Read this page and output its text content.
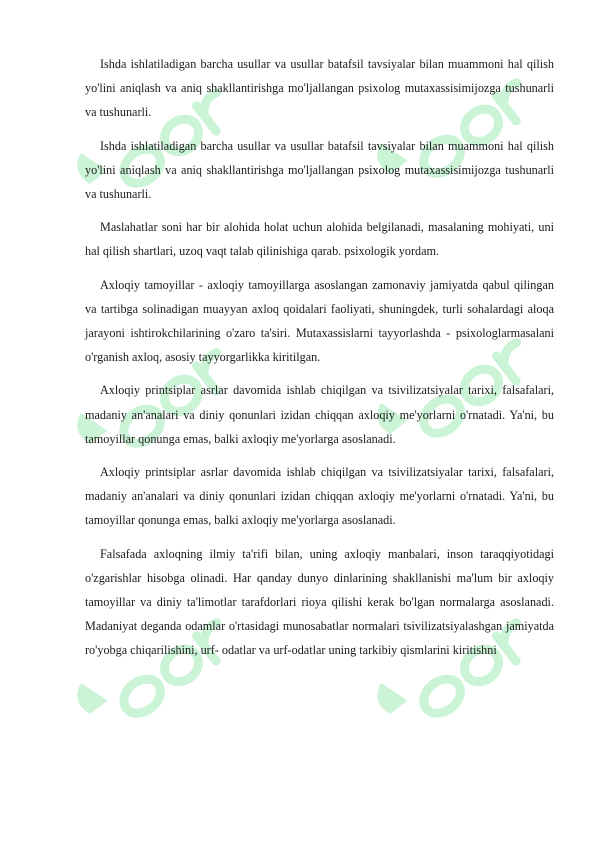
Ishda ishlatiladigan barcha usullar va usullar batafsil tavsiyalar bilan muammoni hal qilish yo'lini aniqlash va aniq shakllantirishga mo'ljallangan psixolog mutaxassisimijozga tushunarli va tushunarli.

Ishda ishlatiladigan barcha usullar va usullar batafsil tavsiyalar bilan muammoni hal qilish yo'lini aniqlash va aniq shakllantirishga mo'ljallangan psixolog mutaxassisimijozga tushunarli va tushunarli.

Maslahatlar soni har bir alohida holat uchun alohida belgilanadi, masalaning mohiyati, uni hal qilish shartlari, uzoq vaqt talab qilinishiga qarab. psixologik yordam.

Axloqiy tamoyillar - axloqiy tamoyillarga asoslangan zamonaviy jamiyatda qabul qilingan va tartibga solinadigan muayyan axloq qoidalari faoliyati, shuningdek, turli sohalardagi aloqa jarayoni ishtirokchilarining o'zaro ta'siri. Mutaxassislarni tayyorlashda - psixologlarmasalani o'rganish axloq, asosiy tayyorgarlikka kiritilgan.

Axloqiy printsiplar asrlar davomida ishlab chiqilgan va tsivilizatsiyalar tarixi, falsafalari, madaniy an'analari va diniy qonunlari izidan chiqqan axloqiy me'yorlarni o'rnatadi. Ya'ni, bu tamoyillar qonunga emas, balki axloqiy me'yorlarga asoslanadi.

Axloqiy printsiplar asrlar davomida ishlab chiqilgan va tsivilizatsiyalar tarixi, falsafalari, madaniy an'analari va diniy qonunlari izidan chiqqan axloqiy me'yorlarni o'rnatadi. Ya'ni, bu tamoyillar qonunga emas, balki axloqiy me'yorlarga asoslanadi.

Falsafada axloqning ilmiy ta'rifi bilan, uning axloqiy manbalari, inson taraqqiyotidagi o'zgarishlar hisobga olinadi. Har qanday dunyo dinlarining shakllanishi ma'lum bir axloqiy tamoyillar va diniy ta'limotlar tarafdorlari rioya qilishi kerak bo'lgan normalarga asoslanadi. Madaniyat deganda odamlar o'rtasidagi munosabatlar normalari tsivilizatsiyalashgan jamiyatda ro'yobga chiqarilishini, urf- odatlar va urf-odatlar uning tarkibiy qismlarini kiritishni
